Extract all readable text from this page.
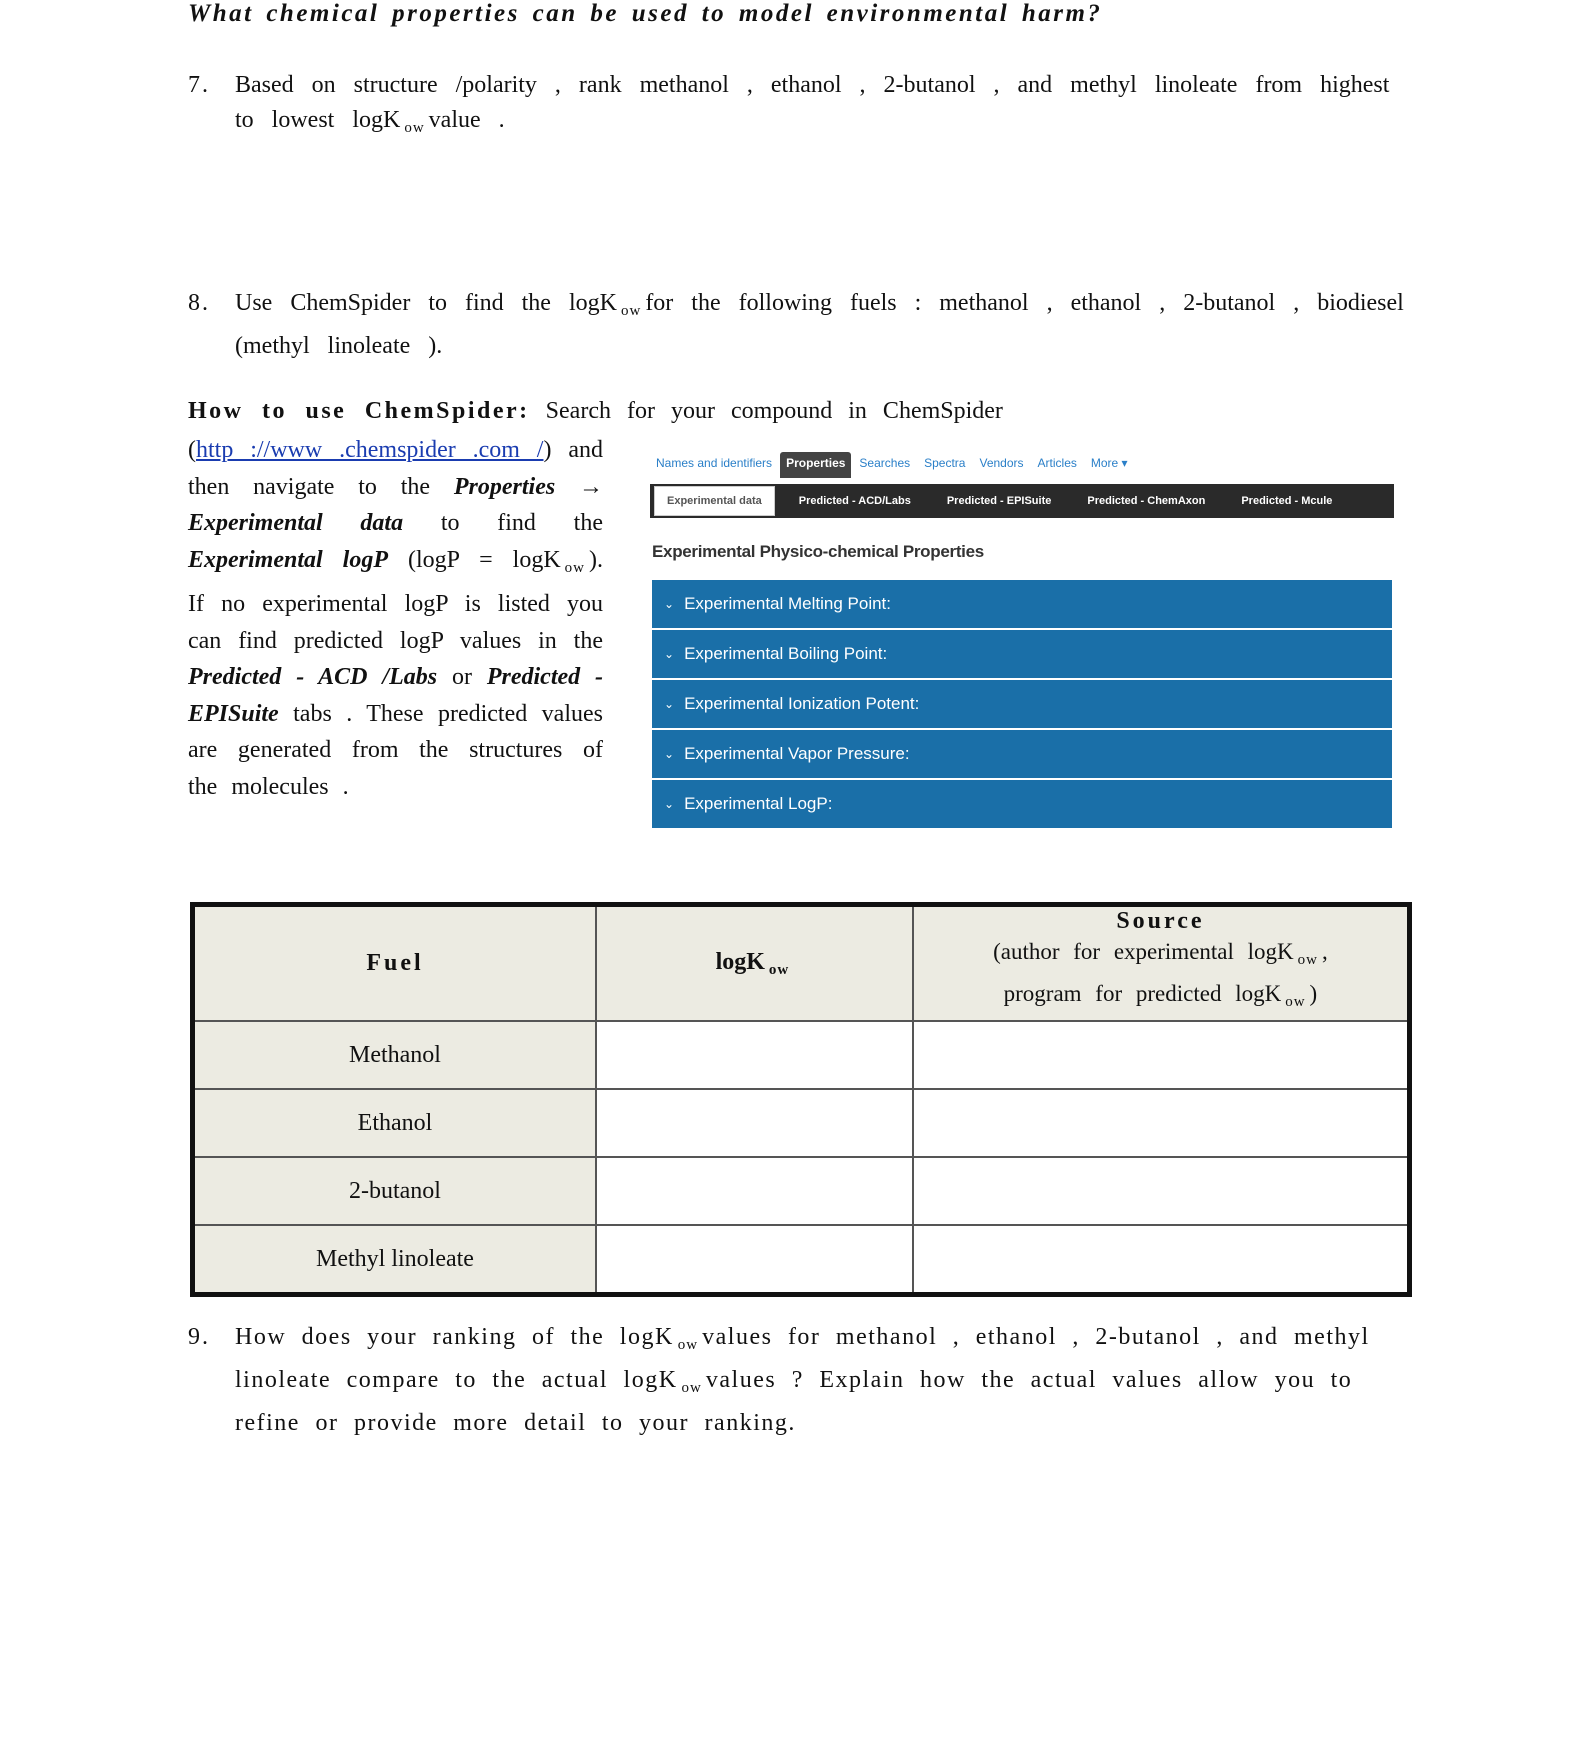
What chemical properties can be used to model environmental harm?
7. Based on structure /polarity , rank methanol , ethanol , 2-butanol , and methyl linoleate from highest to lowest logK $_{ow}$ value .
8. Use ChemSpider to find the logK $_{ow}$ for the following fuels : methanol , ethanol , 2-butanol , biodiesel (methyl linoleate ).
How to use ChemSpider: Search for your compound in ChemSpider
(http ://www .chemspider .com /) and then navigate to the Properties → Experimental data to find the Experimental logP (logP = logK $_{ow}$ ). If no experimental logP is listed you can find predicted logP values in the Predicted - ACD /Labs or Predicted - EPISuite tabs . These predicted values are generated from the structures of the molecules .
Names and identifiers	Properties	Searches	Spectra	Vendors	Articles	More ▾
Experimental data	Predicted - ACD/Labs	Predicted - EPISuite	Predicted - ChemAxon	Predicted - Mcule
Experimental Physico-chemical Properties
⌄ Experimental Melting Point:
⌄ Experimental Boiling Point:
⌄ Experimental Ionization Potent:
⌄ Experimental Vapor Pressure:
⌄ Experimental LogP:
Fuel	logK $_{ow}$	Source
(author for experimental logK $_{ow}$ ,
program for predicted logK $_{ow}$ )

Methanol		
Ethanol		
2-butanol		
Methyl linoleate		
9. How does your ranking of the logK $_{ow}$ values for methanol , ethanol , 2-butanol , and methyl linoleate compare to the actual logK $_{ow}$ values ? Explain how the actual values allow you to refine or provide more detail to your ranking.
